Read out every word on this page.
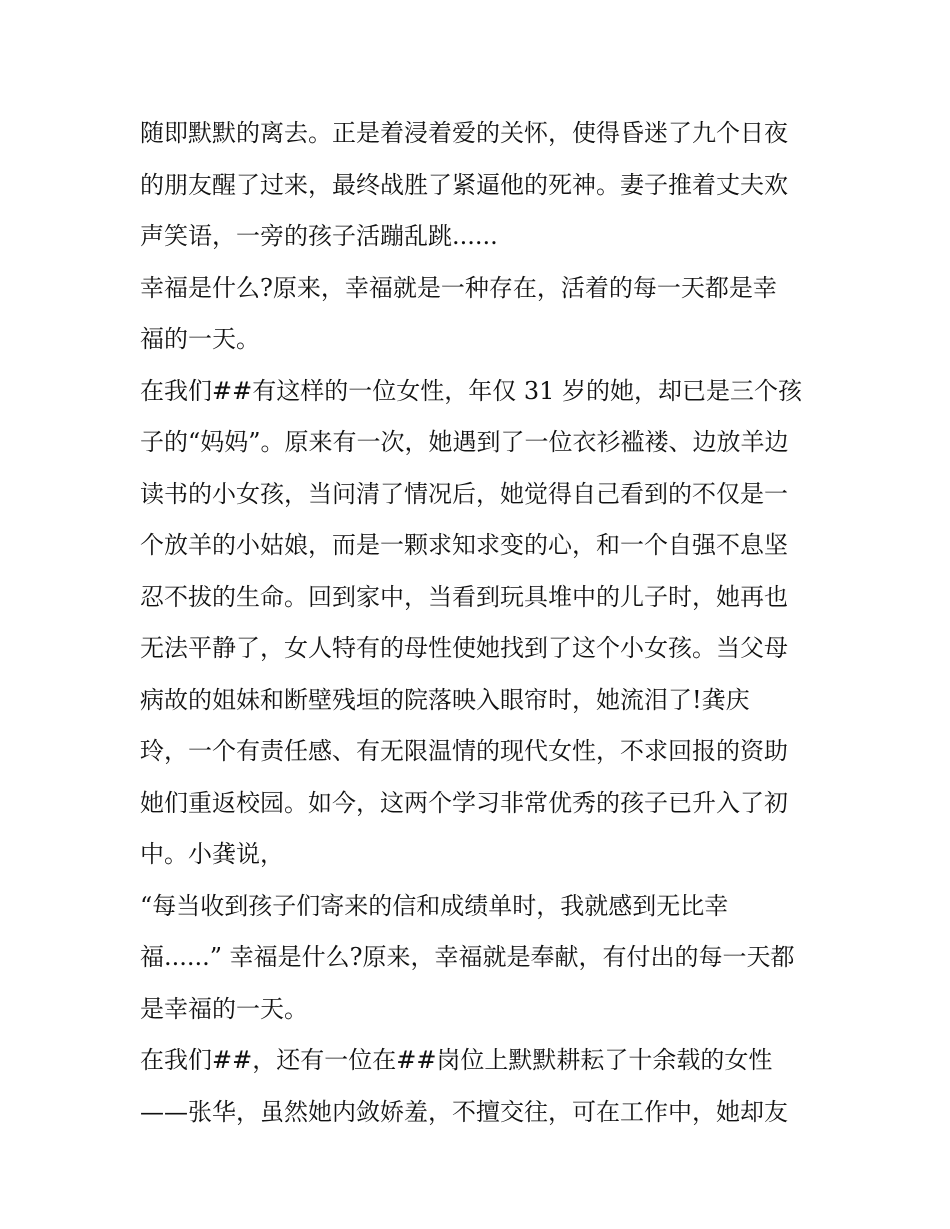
随即默默的离去。正是着浸着爱的关怀，使得昏迷了九个日夜
的朋友醒了过来，最终战胜了紧逼他的死神。妻子推着丈夫欢
声笑语，一旁的孩子活蹦乱跳......
幸福是什么?原来，幸福就是一种存在，活着的每一天都是幸
福的一天。
在我们##有这样的一位女性，年仅 31 岁的她，却已是三个孩
子的“妈妈”。原来有一次，她遇到了一位衣衫褴褛、边放羊边
读书的小女孩，当问清了情况后，她觉得自己看到的不仅是一
个放羊的小姑娘，而是一颗求知求变的心，和一个自强不息坚
忍不拔的生命。回到家中，当看到玩具堆中的儿子时，她再也
无法平静了，女人特有的母性使她找到了这个小女孩。当父母
病故的姐妹和断壁残垣的院落映入眼帘时，她流泪了!龚庆
玲，一个有责任感、有无限温情的现代女性，不求回报的资助
她们重返校园。如今，这两个学习非常优秀的孩子已升入了初
中。小龚说，
“每当收到孩子们寄来的信和成绩单时，我就感到无比幸
福......” 幸福是什么?原来，幸福就是奉献，有付出的每一天都
是幸福的一天。
在我们##，还有一位在##岗位上默默耕耘了十余载的女性
——张华，虽然她内敛娇羞，不擅交往，可在工作中，她却友
